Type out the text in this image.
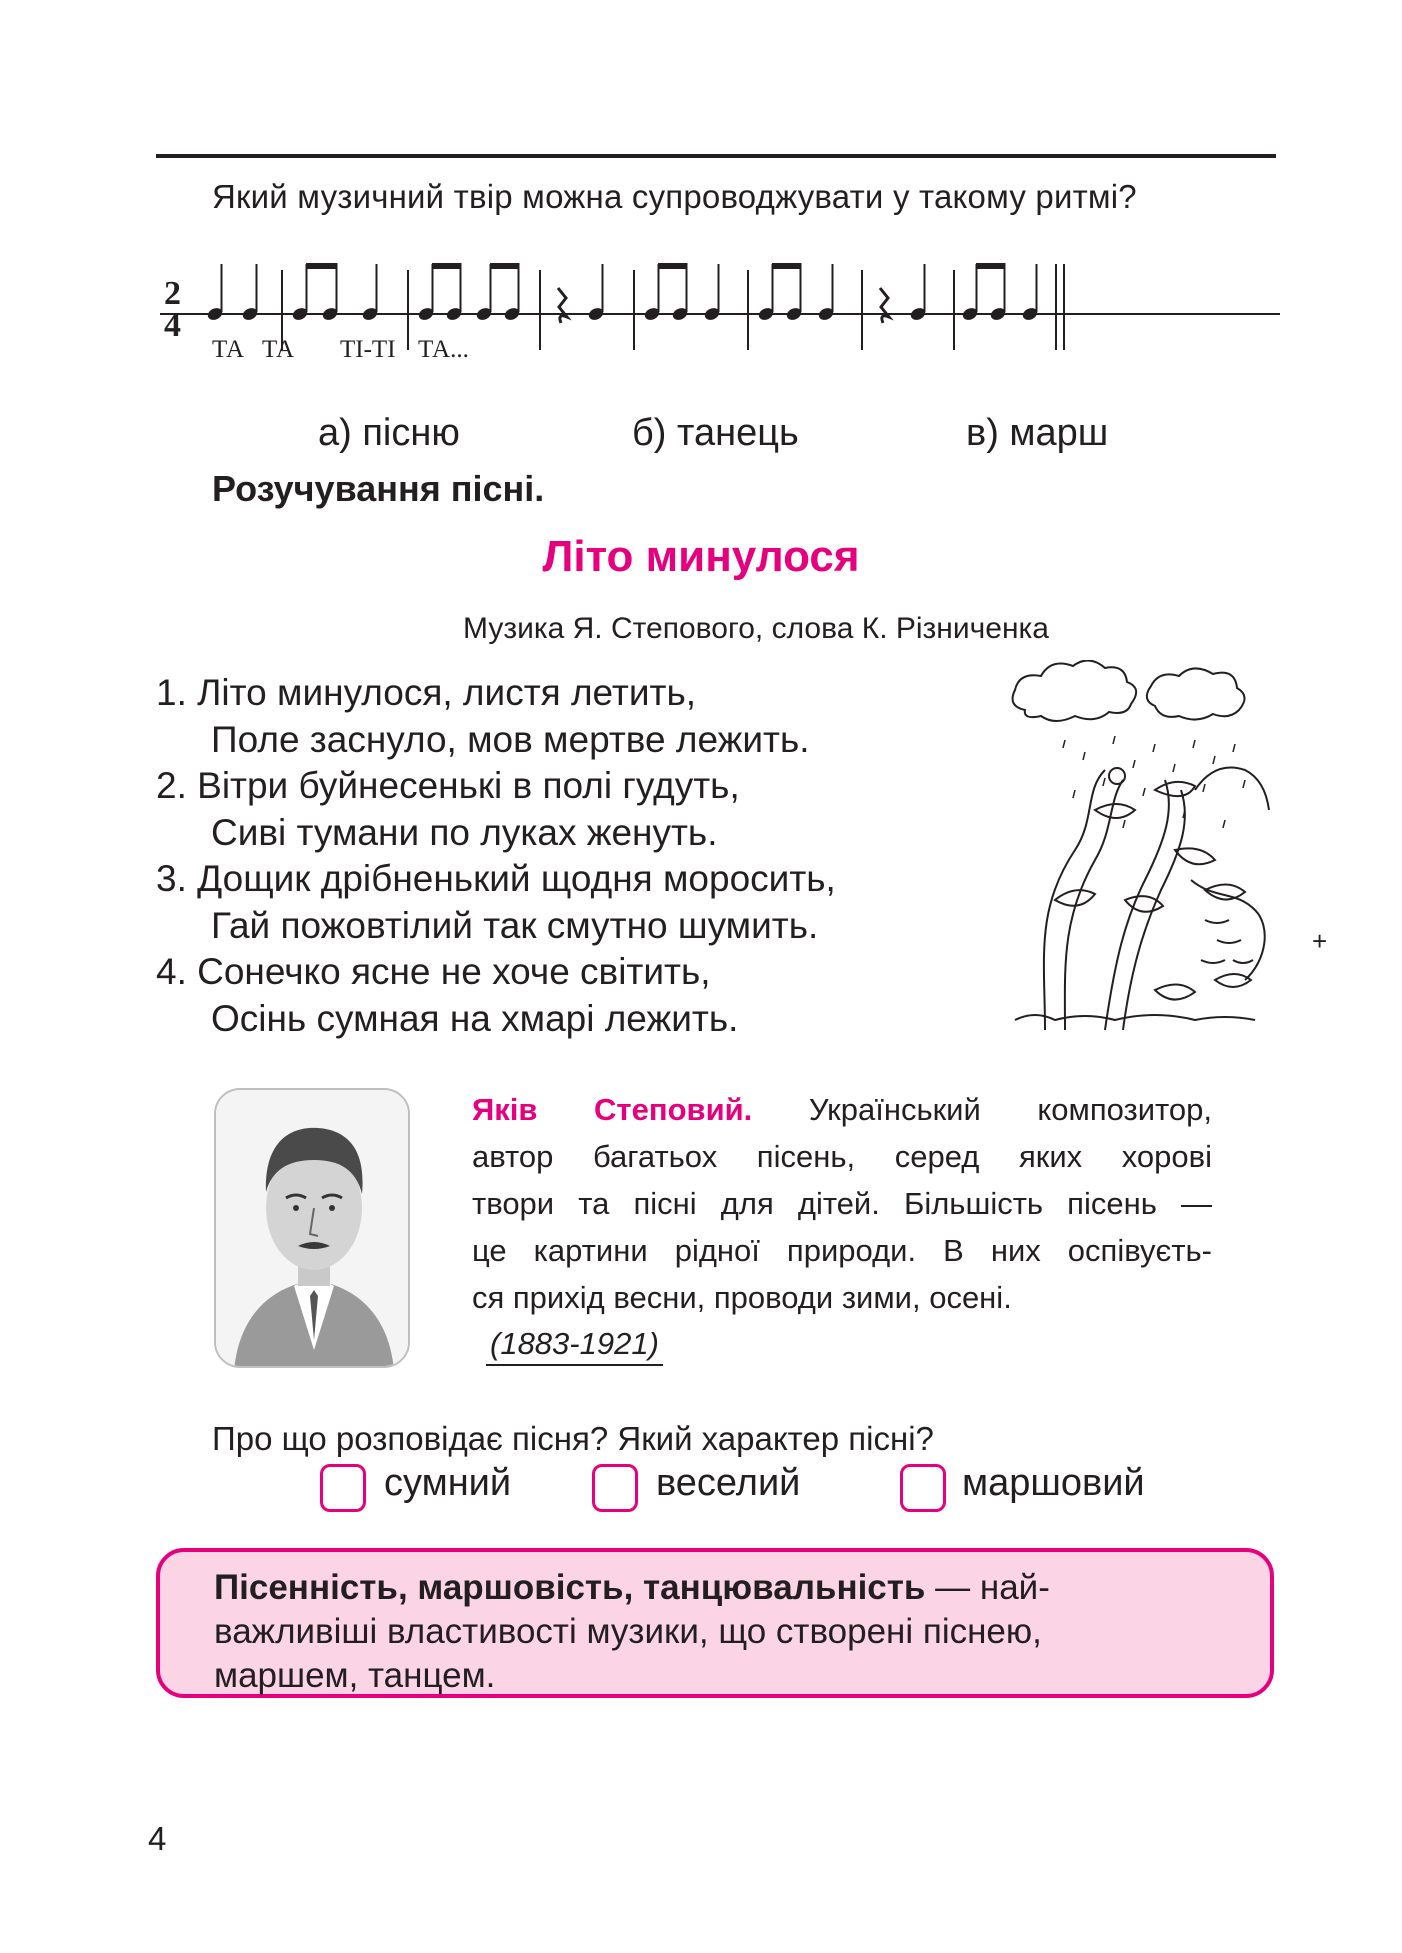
Який музичний твір можна супроводжувати у такому ритмі?
2
4
ТА ТА ТІ-ТІ ТА...
а) пісню	б) танець	в) марш
Розучування пісні.
Літо минулося
Музика Я. Степового, слова К. Різниченка
1. Літо минулося, листя летить,
Поле заснуло, мов мертве лежить.
2. Вітри буйнесенькі в полі гудуть,
Сиві тумани по луках женуть.
3. Дощик дрібненький щодня моросить,
Гай пожовтілий так смутно шумить.
4. Сонечко ясне не хоче світить,
Осінь сумная на хмарі лежить.
+
Яків Степовий. Український композитор,
автор багатьох пісень, серед яких хорові
твори та пісні для дітей. Більшість пісень —
це картини рідної природи. В них оспівуєть-
ся прихід весни, проводи зими, осені.
(1883-1921)
Про що розповідає пісня? Який характер пісні?
сумний	веселий	маршовий
Пісенність, маршовість, танцювальність — най-
важливіші властивості музики, що створені піснею,
маршем, танцем.
4
